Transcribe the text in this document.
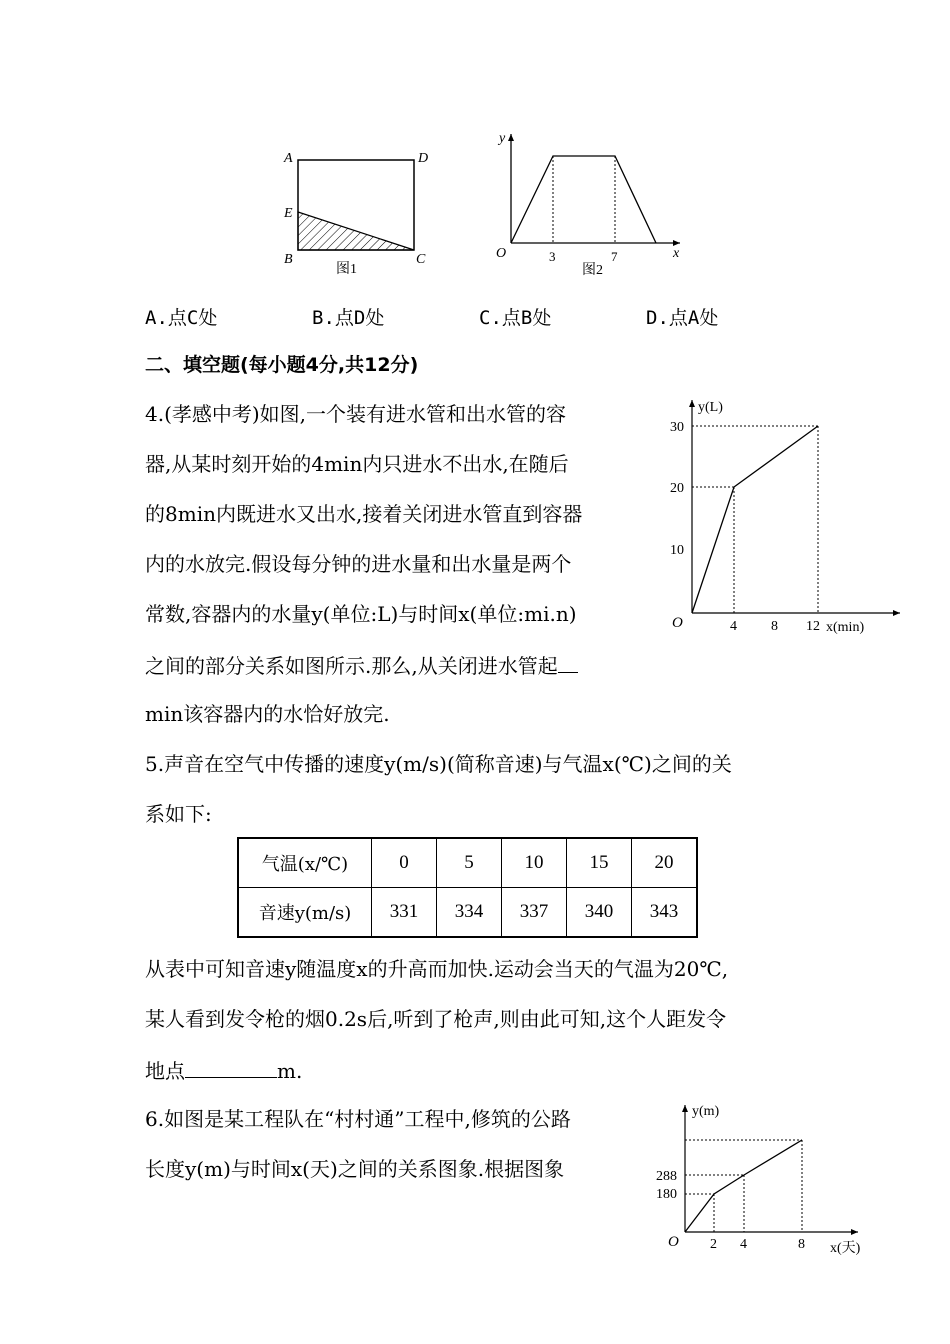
A	D
E
B	C
图1
y
x
O	3	7
图2
A.点C处	B.点D处	C.点B处	D.点A处
二、填空题(每小题4分,共12分)
4.(孝感中考)如图,一个装有进水管和出水管的容
器,从某时刻开始的4min内只进水不出水,在随后
的8min内既进水又出水,接着关闭进水管直到容器
内的水放完.假设每分钟的进水量和出水量是两个
常数,容器内的水量y(单位:L)与时间x(单位:mi.n)
之间的部分关系如图所示.那么,从关闭进水管起
min该容器内的水恰好放完.
y(L)
x(min)
O
10
20
30
4 8 12
5.声音在空气中传播的速度y(m/s)(简称音速)与气温x(℃)之间的关
系如下:
气温(x/℃)	0	5	10	15	20
音速y(m/s)	331	334	337	340	343
从表中可知音速y随温度x的升高而加快.运动会当天的气温为20℃,
某人看到发令枪的烟0.2s后,听到了枪声,则由此可知,这个人距发令
地点	m.
6.如图是某工程队在“村村通”工程中,修筑的公路
长度y(m)与时间x(天)之间的关系图象.根据图象
y(m)
x(天)
O
288
180
2 4	8
